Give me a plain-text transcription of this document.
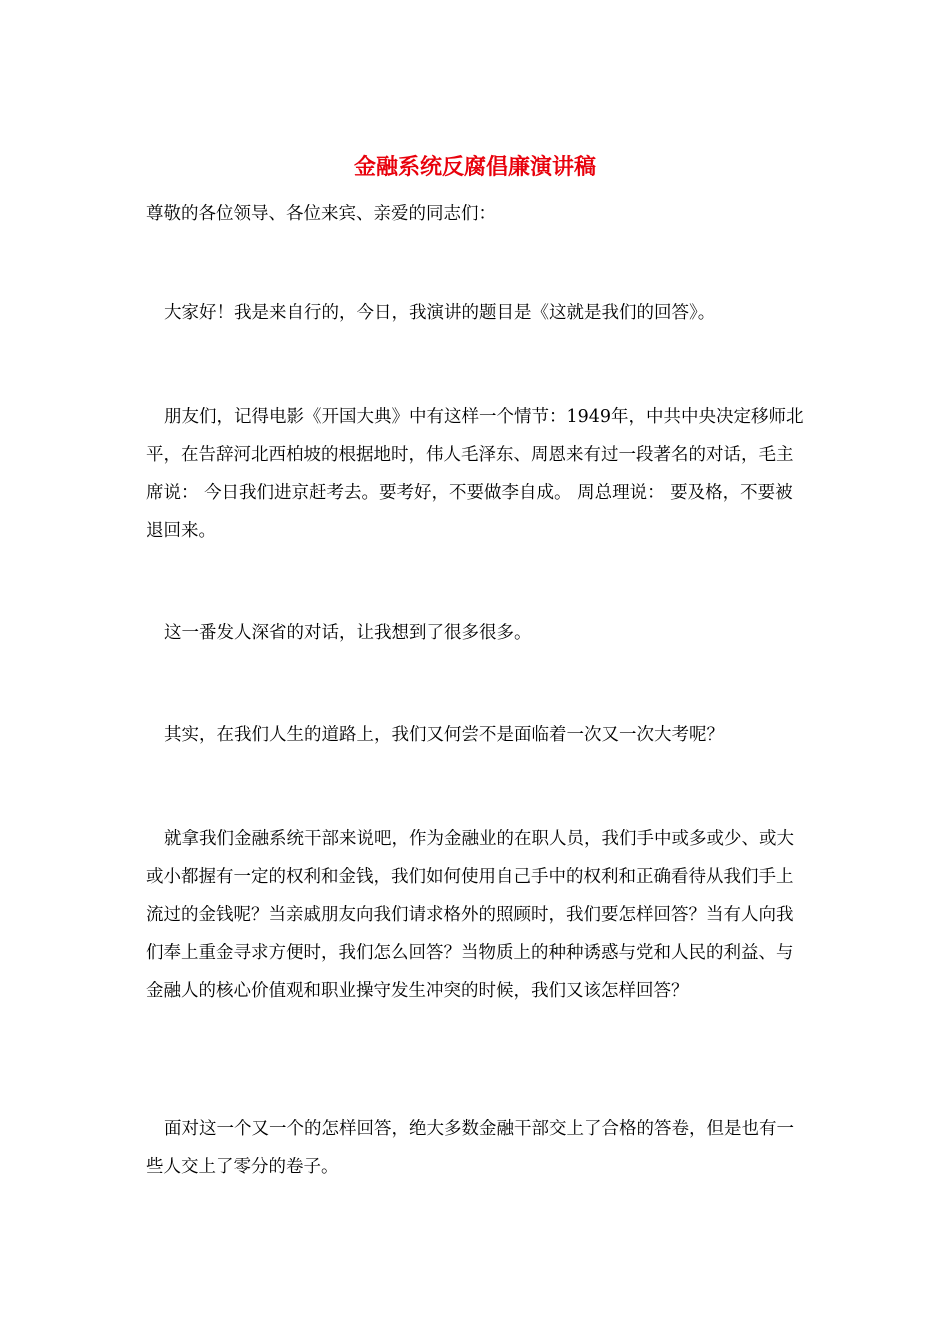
金融系统反腐倡廉演讲稿

尊敬的各位领导、各位来宾、亲爱的同志们：

大家好！我是来自行的，今日，我演讲的题目是《这就是我们的回答》。

朋友们，记得电影《开国大典》中有这样一个情节：1949年，中共中央决定移师北平，在告辞河北西柏坡的根据地时，伟人毛泽东、周恩来有过一段著名的对话，毛主席说： 今日我们进京赶考去。要考好，不要做李自成。 周总理说： 要及格，不要被退回来。

这一番发人深省的对话，让我想到了很多很多。

其实，在我们人生的道路上，我们又何尝不是面临着一次又一次大考呢？

就拿我们金融系统干部来说吧，作为金融业的在职人员，我们手中或多或少、或大或小都握有一定的权利和金钱，我们如何使用自己手中的权利和正确看待从我们手上流过的金钱呢？当亲戚朋友向我们请求格外的照顾时，我们要怎样回答？当有人向我们奉上重金寻求方便时，我们怎么回答？当物质上的种种诱惑与党和人民的利益、与金融人的核心价值观和职业操守发生冲突的时候，我们又该怎样回答？

面对这一个又一个的怎样回答，绝大多数金融干部交上了合格的答卷，但是也有一些人交上了零分的卷子。
